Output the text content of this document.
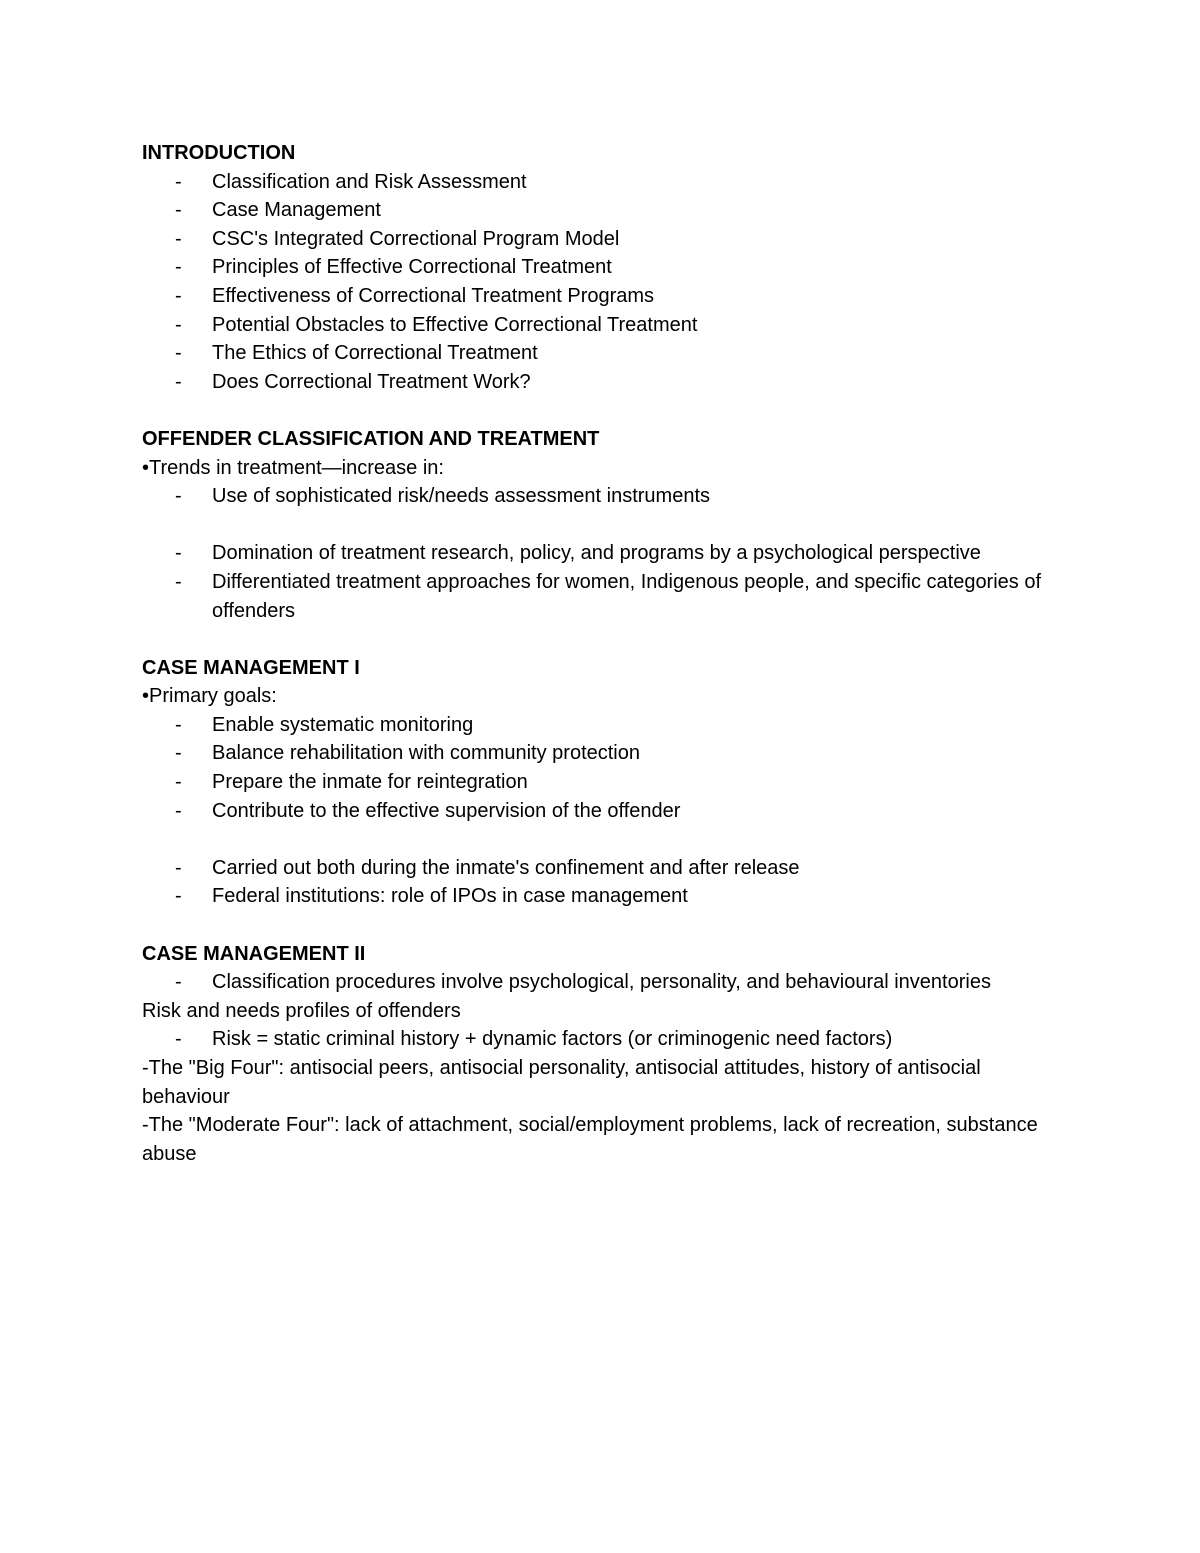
INTRODUCTION

- Classification and Risk Assessment
- Case Management
- CSC's Integrated Correctional Program Model
- Principles of Effective Correctional Treatment
- Effectiveness of Correctional Treatment Programs
- Potential Obstacles to Effective Correctional Treatment
- The Ethics of Correctional Treatment
- Does Correctional Treatment Work?

OFFENDER CLASSIFICATION AND TREATMENT

•Trends in treatment—increase in:

- Use of sophisticated risk/needs assessment instruments
- Domination of treatment research, policy, and programs by a psychological perspective
- Differentiated treatment approaches for women, Indigenous people, and specific categories of offenders

CASE MANAGEMENT I

•Primary goals:

- Enable systematic monitoring
- Balance rehabilitation with community protection
- Prepare the inmate for reintegration
- Contribute to the effective supervision of the offender
- Carried out both during the inmate's confinement and after release
- Federal institutions: role of IPOs in case management

CASE MANAGEMENT II

- Classification procedures involve psychological, personality, and behavioural inventories

Risk and needs profiles of offenders

- Risk = static criminal history + dynamic factors (or criminogenic need factors)

-The "Big Four": antisocial peers, antisocial personality, antisocial attitudes, history of antisocial behaviour

-The "Moderate Four": lack of attachment, social/employment problems, lack of recreation, substance abuse
